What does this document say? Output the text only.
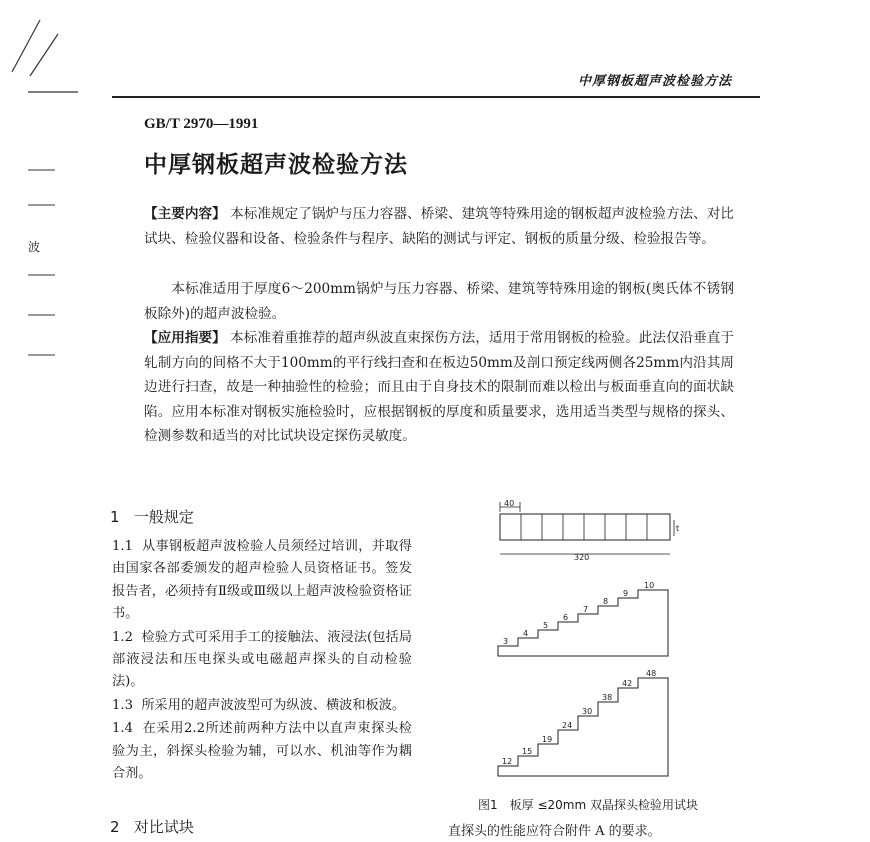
波
中厚钢板超声波检验方法
GB/T 2970—1991
中厚钢板超声波检验方法
【主要内容】 本标准规定了锅炉与压力容器、桥梁、建筑等特殊用途的钢板超声波检验方法、对比试块、检验仪器和设备、检验条件与程序、缺陷的测试与评定、钢板的质量分级、检验报告等。
本标准适用于厚度6～200mm锅炉与压力容器、桥梁、建筑等特殊用途的钢板(奥氏体不锈钢板除外)的超声波检验。
【应用指要】 本标准着重推荐的超声纵波直束探伤方法，适用于常用钢板的检验。此法仅沿垂直于轧制方向的间格不大于100mm的平行线扫查和在板边50mm及剖口预定线两侧各25mm内沿其周边进行扫查，故是一种抽验性的检验；而且由于自身技术的限制而难以检出与板面垂直向的面状缺陷。应用本标准对钢板实施检验时，应根据钢板的厚度和质量要求，选用适当类型与规格的探头、检测参数和适当的对比试块设定探伤灵敏度。
1 一般规定

1.1 从事钢板超声波检验人员须经过培训，并取得由国家各部委颁发的超声检验人员资格证书。签发报告者，必须持有Ⅱ级或Ⅲ级以上超声波检验资格证书。

1.2 检验方式可采用手工的接触法、液浸法(包括局部液浸法和压电探头或电磁超声探头的自动检验法)。

1.3 所采用的超声波波型可为纵波、横波和板波。

1.4 在采用2.2所述前两种方法中以直声束探头检验为主，斜探头检验为辅，可以水、机油等作为耦合剂。

2 对比试块
40
t
320
3
4
5
6
7
8
9
10
12
15
19
24
30
38
42
48
图1　板厚 ≤20mm 双晶探头检验用试块
直探头的性能应符合附件 A 的要求。
